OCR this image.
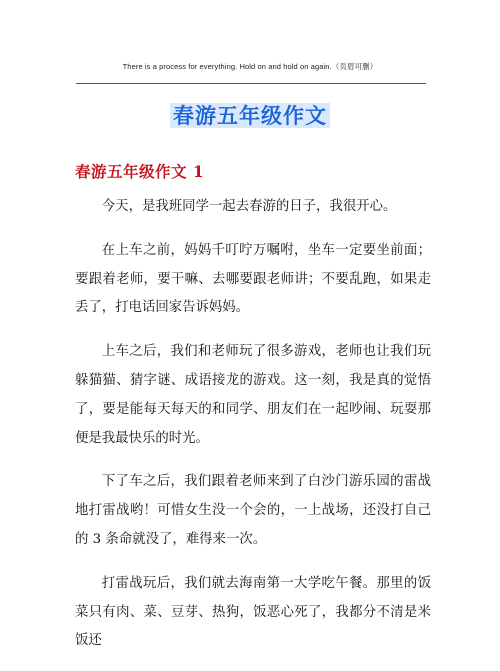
There is a process for everything. Hold on and hold on again.（页眉可删）
春游五年级作文
春游五年级作文 1

今天，是我班同学一起去春游的日子，我很开心。

在上车之前，妈妈千叮咛万嘱咐，坐车一定要坐前面；要跟着老师，要干嘛、去哪要跟老师讲；不要乱跑，如果走丢了，打电话回家告诉妈妈。

上车之后，我们和老师玩了很多游戏，老师也让我们玩躲猫猫、猜字谜、成语接龙的游戏。这一刻，我是真的觉悟了，要是能每天每天的和同学、朋友们在一起吵闹、玩耍那便是我最快乐的时光。

下了车之后，我们跟着老师来到了白沙门游乐园的雷战地打雷战哟！可惜女生没一个会的，一上战场，还没打自己的 3 条命就没了，难得来一次。

打雷战玩后，我们就去海南第一大学吃午餐。那里的饭菜只有肉、菜、豆芽、热狗，饭恶心死了，我都分不清是米饭还
